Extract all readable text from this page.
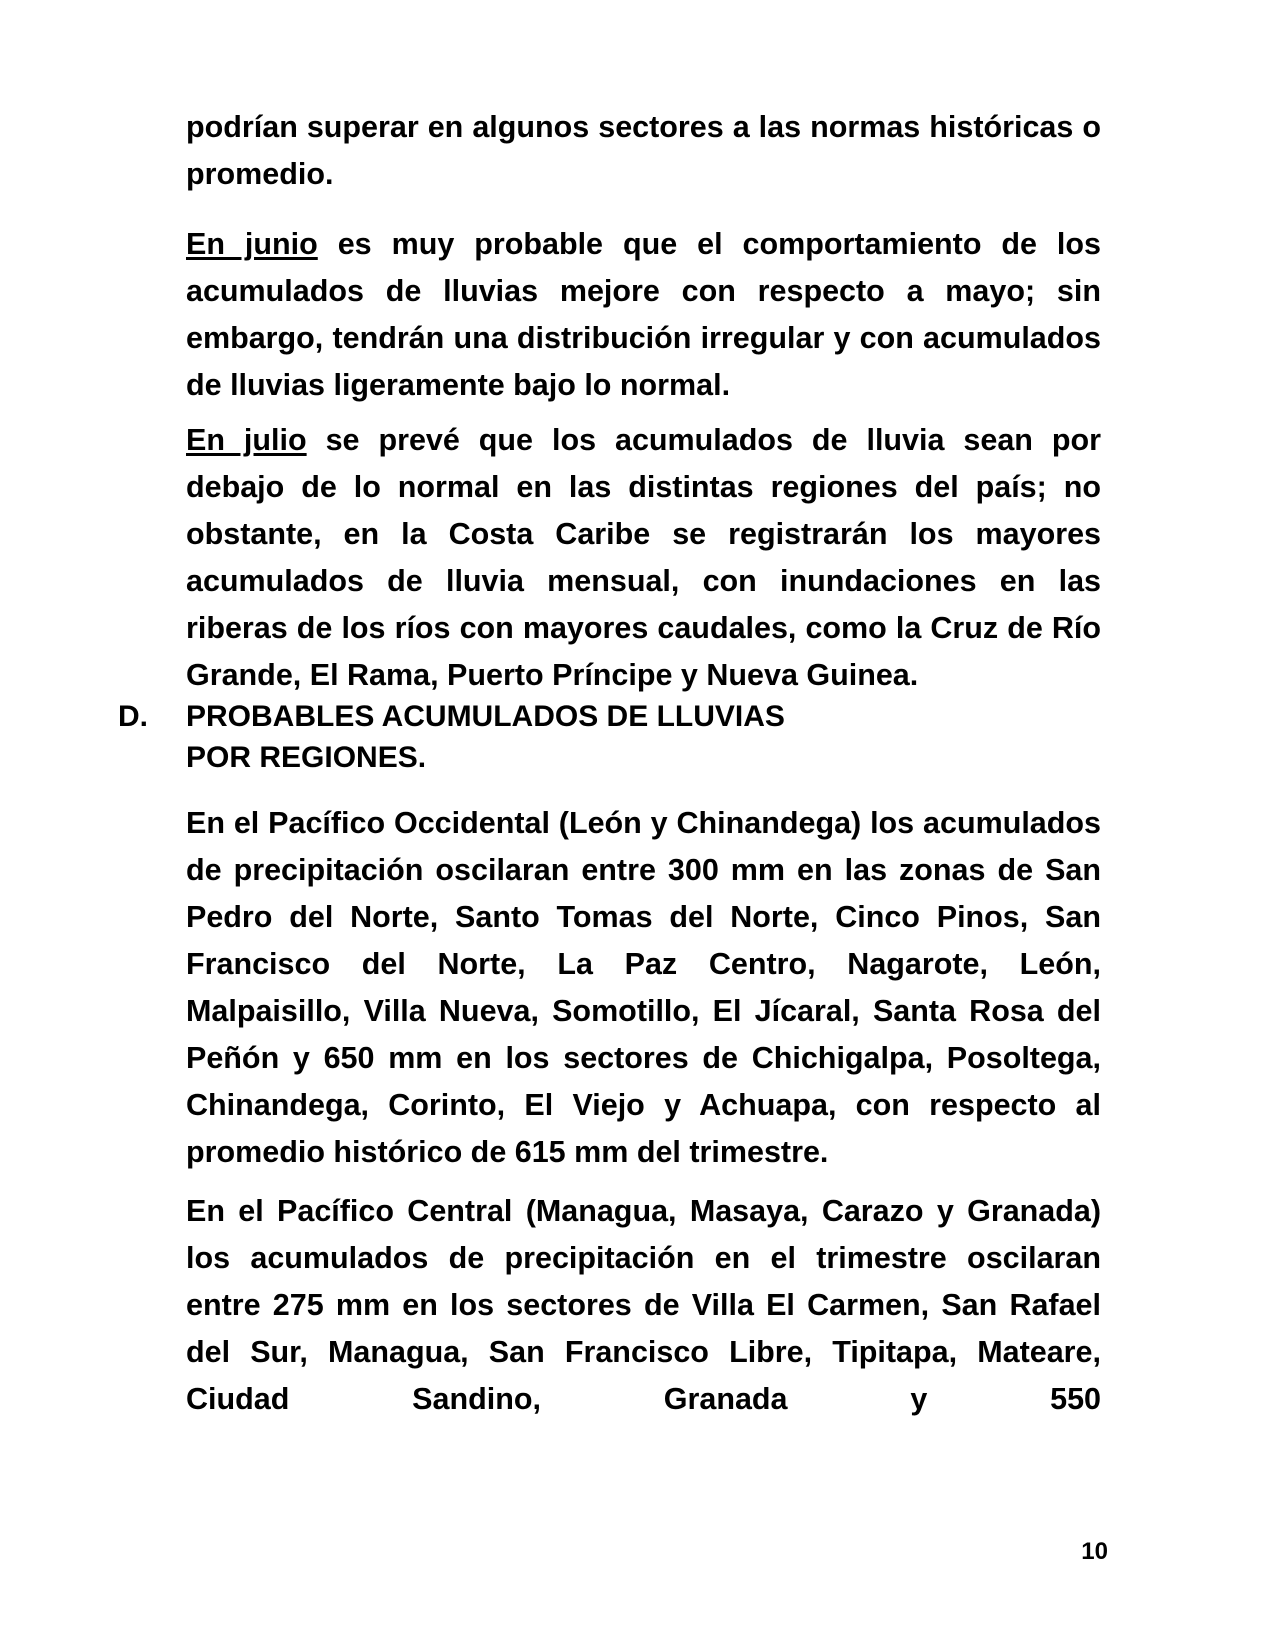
podrían superar en algunos sectores a las normas históricas o promedio.

En junio es muy probable que el comportamiento de los acumulados de lluvias mejore con respecto a mayo; sin embargo, tendrán una distribución irregular y con acumulados de lluvias ligeramente bajo lo normal.

En julio se prevé que los acumulados de lluvia sean por debajo de lo normal en las distintas regiones del país; no obstante, en la Costa Caribe se registrarán los mayores acumulados de lluvia mensual, con inundaciones en las riberas de los ríos con mayores caudales, como la Cruz de Río Grande, El Rama, Puerto Príncipe y Nueva Guinea.

D.	PROBABLES ACUMULADOS DE LLUVIAS POR REGIONES.

En el Pacífico Occidental (León y Chinandega) los acumulados de precipitación oscilaran entre 300 mm en las zonas de San Pedro del Norte, Santo Tomas del Norte, Cinco Pinos, San Francisco del Norte, La Paz Centro, Nagarote, León, Malpaisillo, Villa Nueva, Somotillo, El Jícaral, Santa Rosa del Peñón y 650 mm en los sectores de Chichigalpa, Posoltega, Chinandega, Corinto, El Viejo y Achuapa, con respecto al promedio histórico de 615 mm del trimestre.

En el Pacífico Central (Managua, Masaya, Carazo y Granada) los acumulados de precipitación en el trimestre oscilaran entre 275 mm en los sectores de Villa El Carmen, San Rafael del Sur, Managua, San Francisco Libre, Tipitapa, Mateare, Ciudad Sandino, Granada y 550

10
